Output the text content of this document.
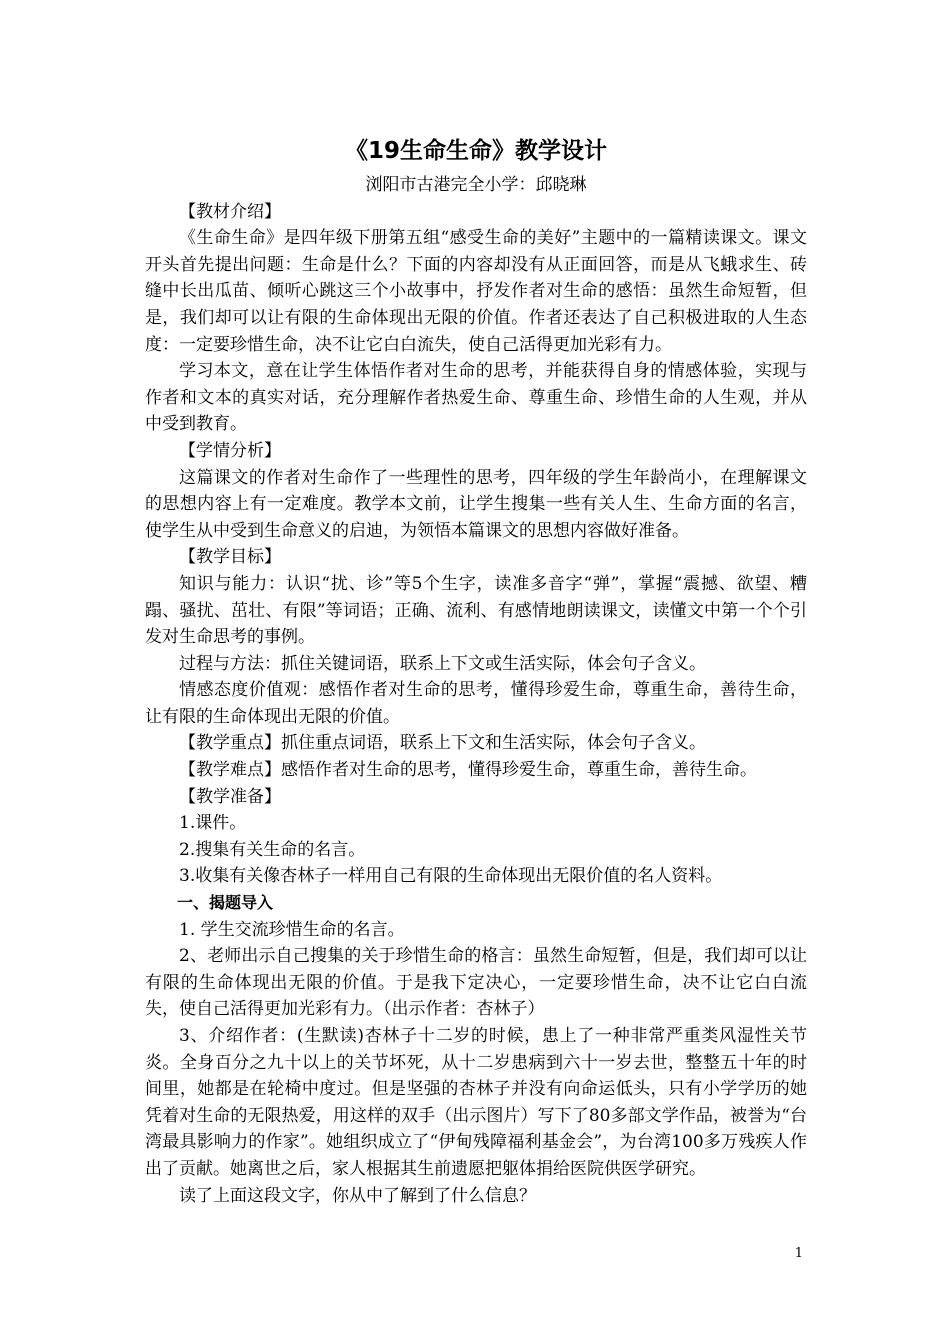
《19生命生命》教学设计
浏阳市古港完全小学：邱晓琳

【教材介绍】

《生命生命》是四年级下册第五组“感受生命的美好”主题中的一篇精读课文。课文开头首先提出问题：生命是什么？下面的内容却没有从正面回答，而是从飞蛾求生、砖缝中长出瓜苗、倾听心跳这三个小故事中，抒发作者对生命的感悟：虽然生命短暂，但是，我们却可以让有限的生命体现出无限的价值。作者还表达了自己积极进取的人生态度：一定要珍惜生命，决不让它白白流失，使自己活得更加光彩有力。

学习本文，意在让学生体悟作者对生命的思考，并能获得自身的情感体验，实现与作者和文本的真实对话，充分理解作者热爱生命、尊重生命、珍惜生命的人生观，并从中受到教育。

【学情分析】

这篇课文的作者对生命作了一些理性的思考，四年级的学生年龄尚小，在理解课文的思想内容上有一定难度。教学本文前，让学生搜集一些有关人生、生命方面的名言，使学生从中受到生命意义的启迪，为领悟本篇课文的思想内容做好准备。

【教学目标】

知识与能力：认识“扰、诊”等5个生字，读准多音字“弹”，掌握“震撼、欲望、糟蹋、骚扰、茁壮、有限”等词语；正确、流利、有感情地朗读课文，读懂文中第一个个引发对生命思考的事例。

过程与方法：抓住关键词语，联系上下文或生活实际，体会句子含义。

情感态度价值观：感悟作者对生命的思考，懂得珍爱生命，尊重生命，善待生命，让有限的生命体现出无限的价值。

【教学重点】抓住重点词语，联系上下文和生活实际，体会句子含义。

【教学难点】感悟作者对生命的思考，懂得珍爱生命，尊重生命，善待生命。

【教学准备】

1.课件。

2.搜集有关生命的名言。

3.收集有关像杏林子一样用自己有限的生命体现出无限价值的名人资料。

一、揭题导入

1. 学生交流珍惜生命的名言。

2、老师出示自己搜集的关于珍惜生命的格言：虽然生命短暂，但是，我们却可以让有限的生命体现出无限的价值。于是我下定决心，一定要珍惜生命，决不让它白白流失，使自己活得更加光彩有力。（出示作者：杏林子）

3、介绍作者：(生默读)杏林子十二岁的时候，患上了一种非常严重类风湿性关节炎。全身百分之九十以上的关节坏死，从十二岁患病到六十一岁去世，整整五十年的时间里，她都是在轮椅中度过。但是坚强的杏林子并没有向命运低头，只有小学学历的她凭着对生命的无限热爱，用这样的双手（出示图片）写下了80多部文学作品，被誉为“台湾最具影响力的作家”。她组织成立了“伊甸残障福利基金会”，为台湾100多万残疾人作出了贡献。她离世之后，家人根据其生前遗愿把躯体捐给医院供医学研究。

读了上面这段文字，你从中了解到了什么信息？

1
